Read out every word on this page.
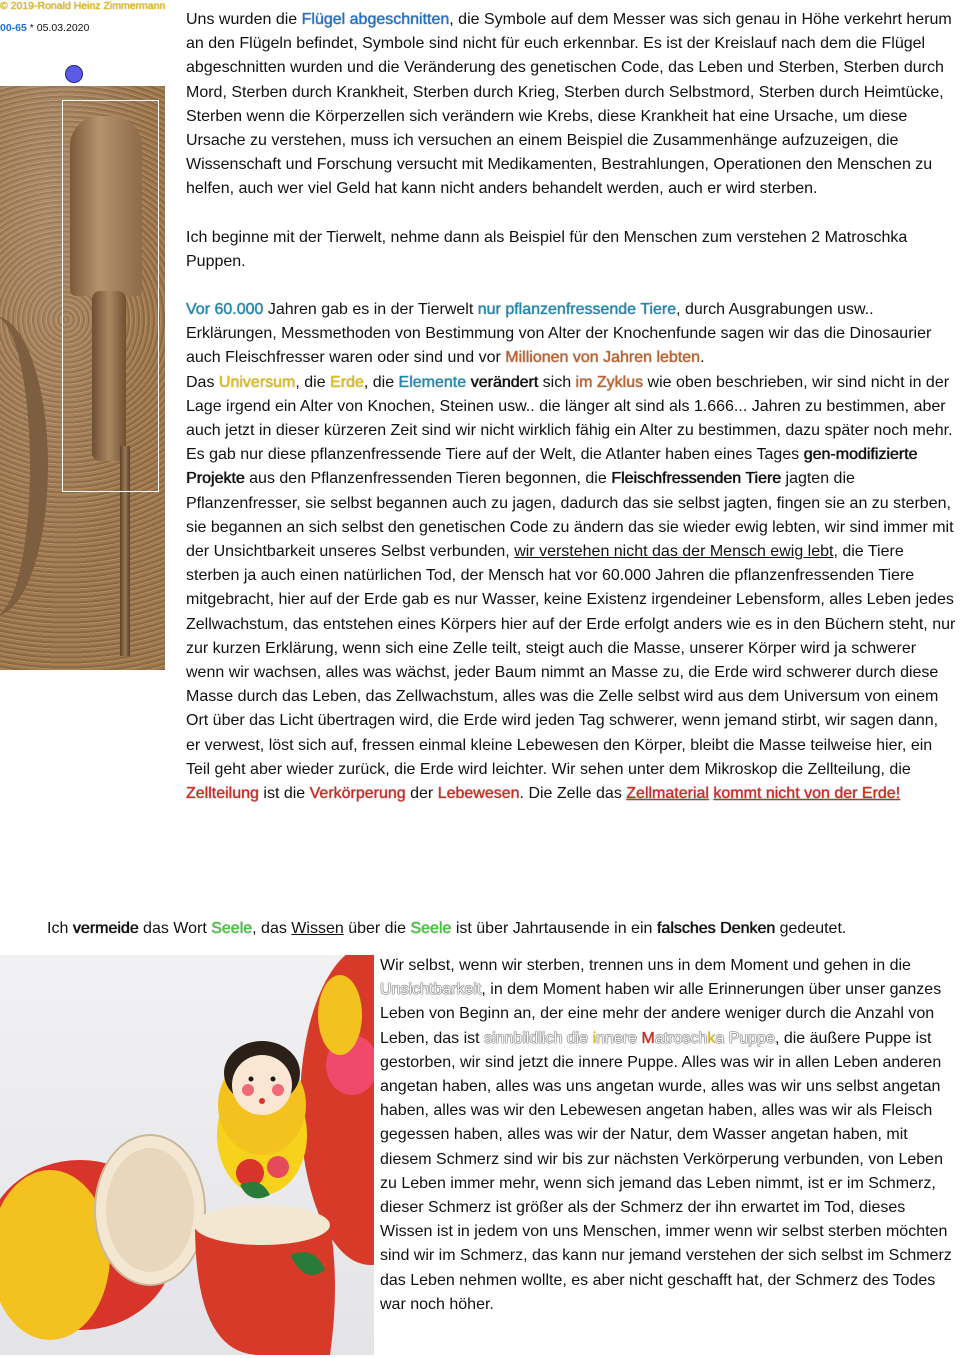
© 2019-Ronald Heinz Zimmermann
00-65 * 05.03.2020	Uns wurden die Flügel abgeschnitten, die Symbole auf dem Messer was sich genau in Höhe verkehrt herum an den Flügeln befindet, Symbole sind nicht für euch erkennbar. Es ist der Kreislauf nach dem die Flügel abgeschnitten wurden und die Veränderung des genetischen Code, das Leben und Sterben, Sterben durch Mord, Sterben durch Krankheit, Sterben durch Krieg, Sterben durch Selbstmord, Sterben durch Heimtücke, Sterben wenn die Körperzellen sich verändern wie Krebs, diese Krankheit hat eine Ursache, um diese Ursache zu verstehen, muss ich versuchen an einem Beispiel die Zusammenhänge aufzuzeigen, die Wissenschaft und Forschung versucht mit Medikamenten, Bestrahlungen, Operationen den Menschen zu helfen, auch wer viel Geld hat kann nicht anders behandelt werden, auch er wird sterben.

Ich beginne mit der Tierwelt, nehme dann als Beispiel für den Menschen zum verstehen 2 Matroschka Puppen.

Vor 60.000 Jahren gab es in der Tierwelt nur pflanzenfressende Tiere, durch Ausgrabungen usw.. Erklärungen, Messmethoden von Bestimmung von Alter der Knochenfunde sagen wir das die Dinosaurier auch Fleischfresser waren oder sind und vor Millionen von Jahren lebten.
Das Universum, die Erde, die Elemente verändert sich im Zyklus wie oben beschrieben, wir sind nicht in der Lage irgend ein Alter von Knochen, Steinen usw.. die länger alt sind als 1.666... Jahren zu bestimmen, aber auch jetzt in dieser kürzeren Zeit sind wir nicht wirklich fähig ein Alter zu bestimmen, dazu später noch mehr.
Es gab nur diese pflanzenfressende Tiere auf der Welt, die Atlanter haben eines Tages gen-modifizierte Projekte aus den Pflanzenfressenden Tieren begonnen, die Fleischfressenden Tiere jagten die Pflanzenfresser, sie selbst begannen auch zu jagen, dadurch das sie selbst jagten, fingen sie an zu sterben, sie begannen an sich selbst den genetischen Code zu ändern das sie wieder ewig lebten, wir sind immer mit der Unsichtbarkeit unseres Selbst verbunden, wir verstehen nicht das der Mensch ewig lebt, die Tiere sterben ja auch einen natürlichen Tod, der Mensch hat vor 60.000 Jahren die pflanzenfressenden Tiere mitgebracht, hier auf der Erde gab es nur Wasser, keine Existenz irgendeiner Lebensform, alles Leben jedes Zellwachstum, das entstehen eines Körpers hier auf der Erde erfolgt anders wie es in den Büchern steht, nur zur kurzen Erklärung, wenn sich eine Zelle teilt, steigt auch die Masse, unserer Körper wird ja schwerer wenn wir wachsen, alles was wächst, jeder Baum nimmt an Masse zu, die Erde wird schwerer durch diese Masse durch das Leben, das Zellwachstum, alles was die Zelle selbst wird aus dem Universum von einem Ort über das Licht übertragen wird, die Erde wird jeden Tag schwerer, wenn jemand stirbt, wir sagen dann, er verwest, löst sich auf, fressen einmal kleine Lebewesen den Körper, bleibt die Masse teilweise hier, ein Teil geht aber wieder zurück, die Erde wird leichter. Wir sehen unter dem Mikroskop die Zellteilung, die Zellteilung ist die Verkörperung der Lebewesen. Die Zelle das Zellmaterial kommt nicht von der Erde!

Ich vermeide das Wort Seele, das Wissen über die Seele ist über Jahrtausende in ein falsches Denken gedeutet.
Wir selbst, wenn wir sterben, trennen uns in dem Moment und gehen in die Unsichtbarkeit, in dem Moment haben wir alle Erinnerungen über unser ganzes Leben von Beginn an, der eine mehr der andere weniger durch die Anzahl von Leben, das ist sinnbildlich die innere Matroschka Puppe, die äußere Puppe ist gestorben, wir sind jetzt die innere Puppe. Alles was wir in allen Leben anderen angetan haben, alles was uns angetan wurde, alles was wir uns selbst angetan haben, alles was wir den Lebewesen angetan haben, alles was wir als Fleisch gegessen haben, alles was wir der Natur, dem Wasser angetan haben, mit diesem Schmerz sind wir bis zur nächsten Verkörperung verbunden, von Leben zu Leben immer mehr, wenn sich jemand das Leben nimmt, ist er im Schmerz, dieser Schmerz ist größer als der Schmerz der ihn erwartet im Tod, dieses Wissen ist in jedem von uns Menschen, immer wenn wir selbst sterben möchten sind wir im Schmerz, das kann nur jemand verstehen der sich selbst im Schmerz das Leben nehmen wollte, es aber nicht geschafft hat, der Schmerz des Todes war noch höher.
